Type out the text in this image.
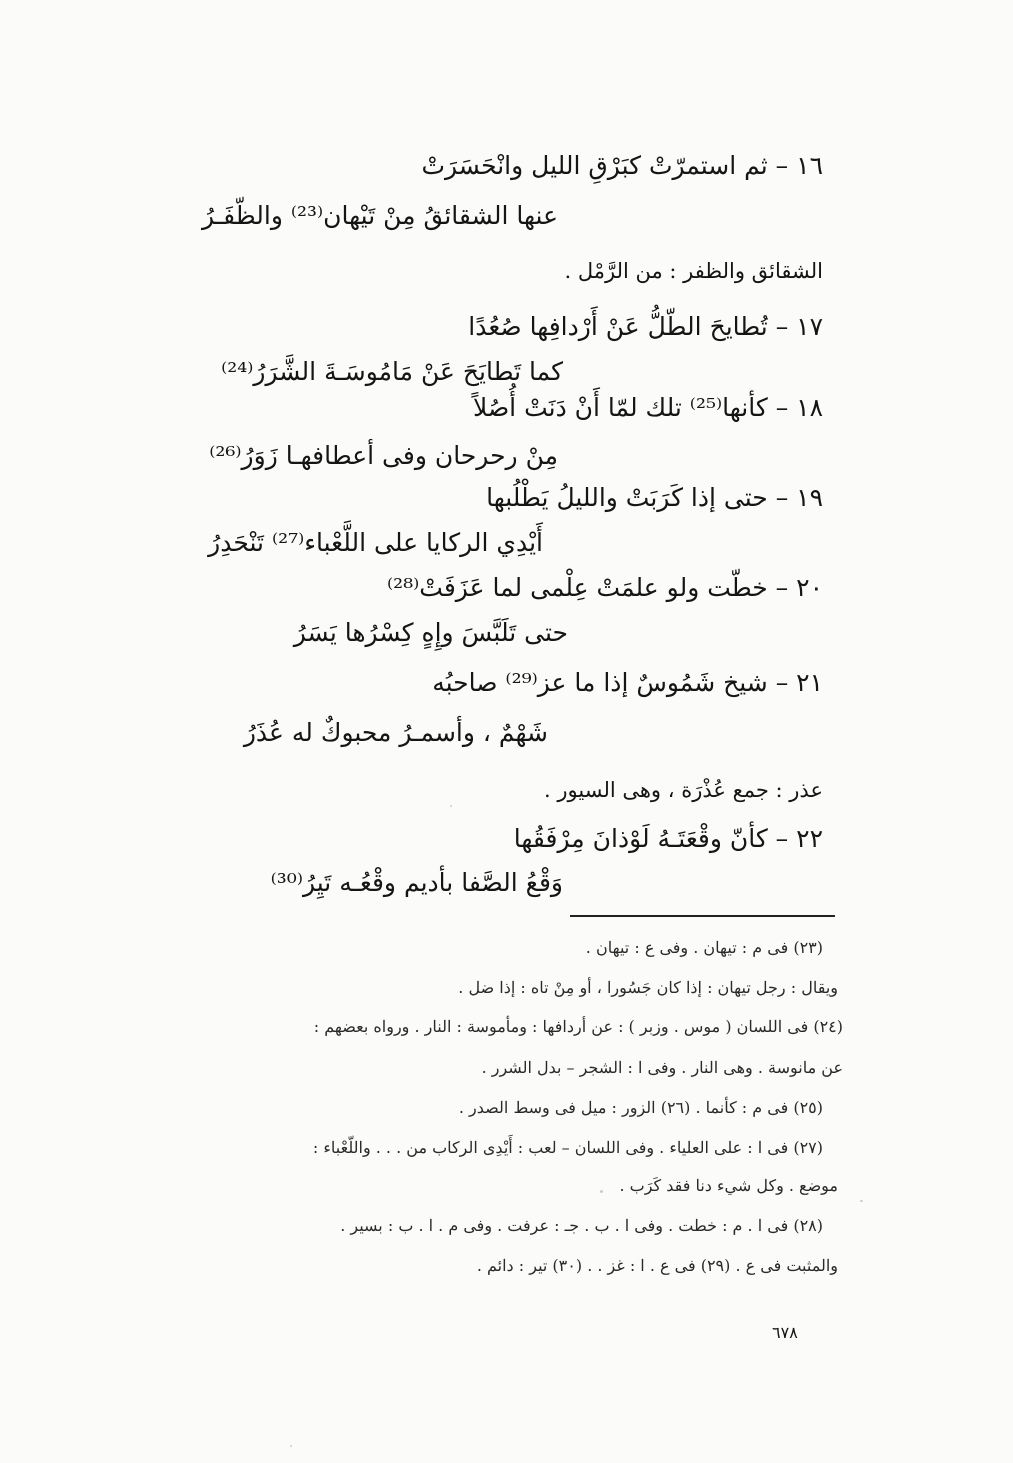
١٦ – ثم استمرّتْ كبَرْقِ الليل وانْحَسَرَتْ
عنها الشقائقُ مِنْ تَيْهان⁽²³⁾ والظّفَـرُ
الشقائق والظفر : من الرَّمْل .
١٧ – تُطايحَ الطّلُّ عَنْ أَرْدافِها صُعُدًا
كما تَطايَحَ عَنْ مَامُوسَـةَ الشَّرَرُ⁽²⁴⁾
١٨ – كأنها⁽²⁵⁾ تلك لمّا أَنْ دَنَتْ أُصُلاً
مِنْ رحرحان وفى أعطافهـا زَوَرُ⁽²⁶⁾
١٩ – حتى إذا كَرَبَتْ والليلُ يَطْلُبها
أَيْدِي الركايا على اللَّعْباء⁽²⁷⁾ تَنْحَدِرُ
٢٠ – خطّت ولو علمَتْ عِلْمى لما عَزَفَتْ⁽²⁸⁾
حتى تَلَبَّسَ وإِهٍ كِسْرُها يَسَرُ
٢١ – شيخ شَمُوسٌ إذا ما عز⁽²⁹⁾ صاحبُه
شَهْمٌ ، وأسمـرُ محبوكٌ له عُذَرُ
عذر : جمع عُذْرَة ، وهى السيور .
٢٢ – كأنّ وقْعَتَـهُ لَوْذانَ مِرْفَقُها
وَقْعُ الصَّفا بأديم وقْعُـه تَيِرُ⁽³⁰⁾
(٢٣) فى م : تيهان . وفى ع : تيهان .
ويقال : رجل تيهان : إذا كان جَسُورا ، أو مِنْ تاه : إذا ضل .
(٢٤) فى اللسان ( موس . وزبر ) : عن أردافها : ومأموسة : النار . ورواه بعضهم :
عن مانوسة . وهى النار . وفى ا : الشجر – بدل الشرر .
(٢٥) فى م : كأنما . (٢٦) الزور : ميل فى وسط الصدر .
(٢٧) فى ا : على العلياء . وفى اللسان – لعب : أَيْدِى الركاب من . . . واللّعْباء :
موضع . وكل شيء دنا فقد كَرَب .
(٢٨) فى ا . م : خطت . وفى ا . ب . جـ : عرفت . وفى م . ا . ب : بسير .
والمثبت فى ع . (٢٩) فى ع . ا : غز . . (٣٠) تير : دائم .
٦٧٨
